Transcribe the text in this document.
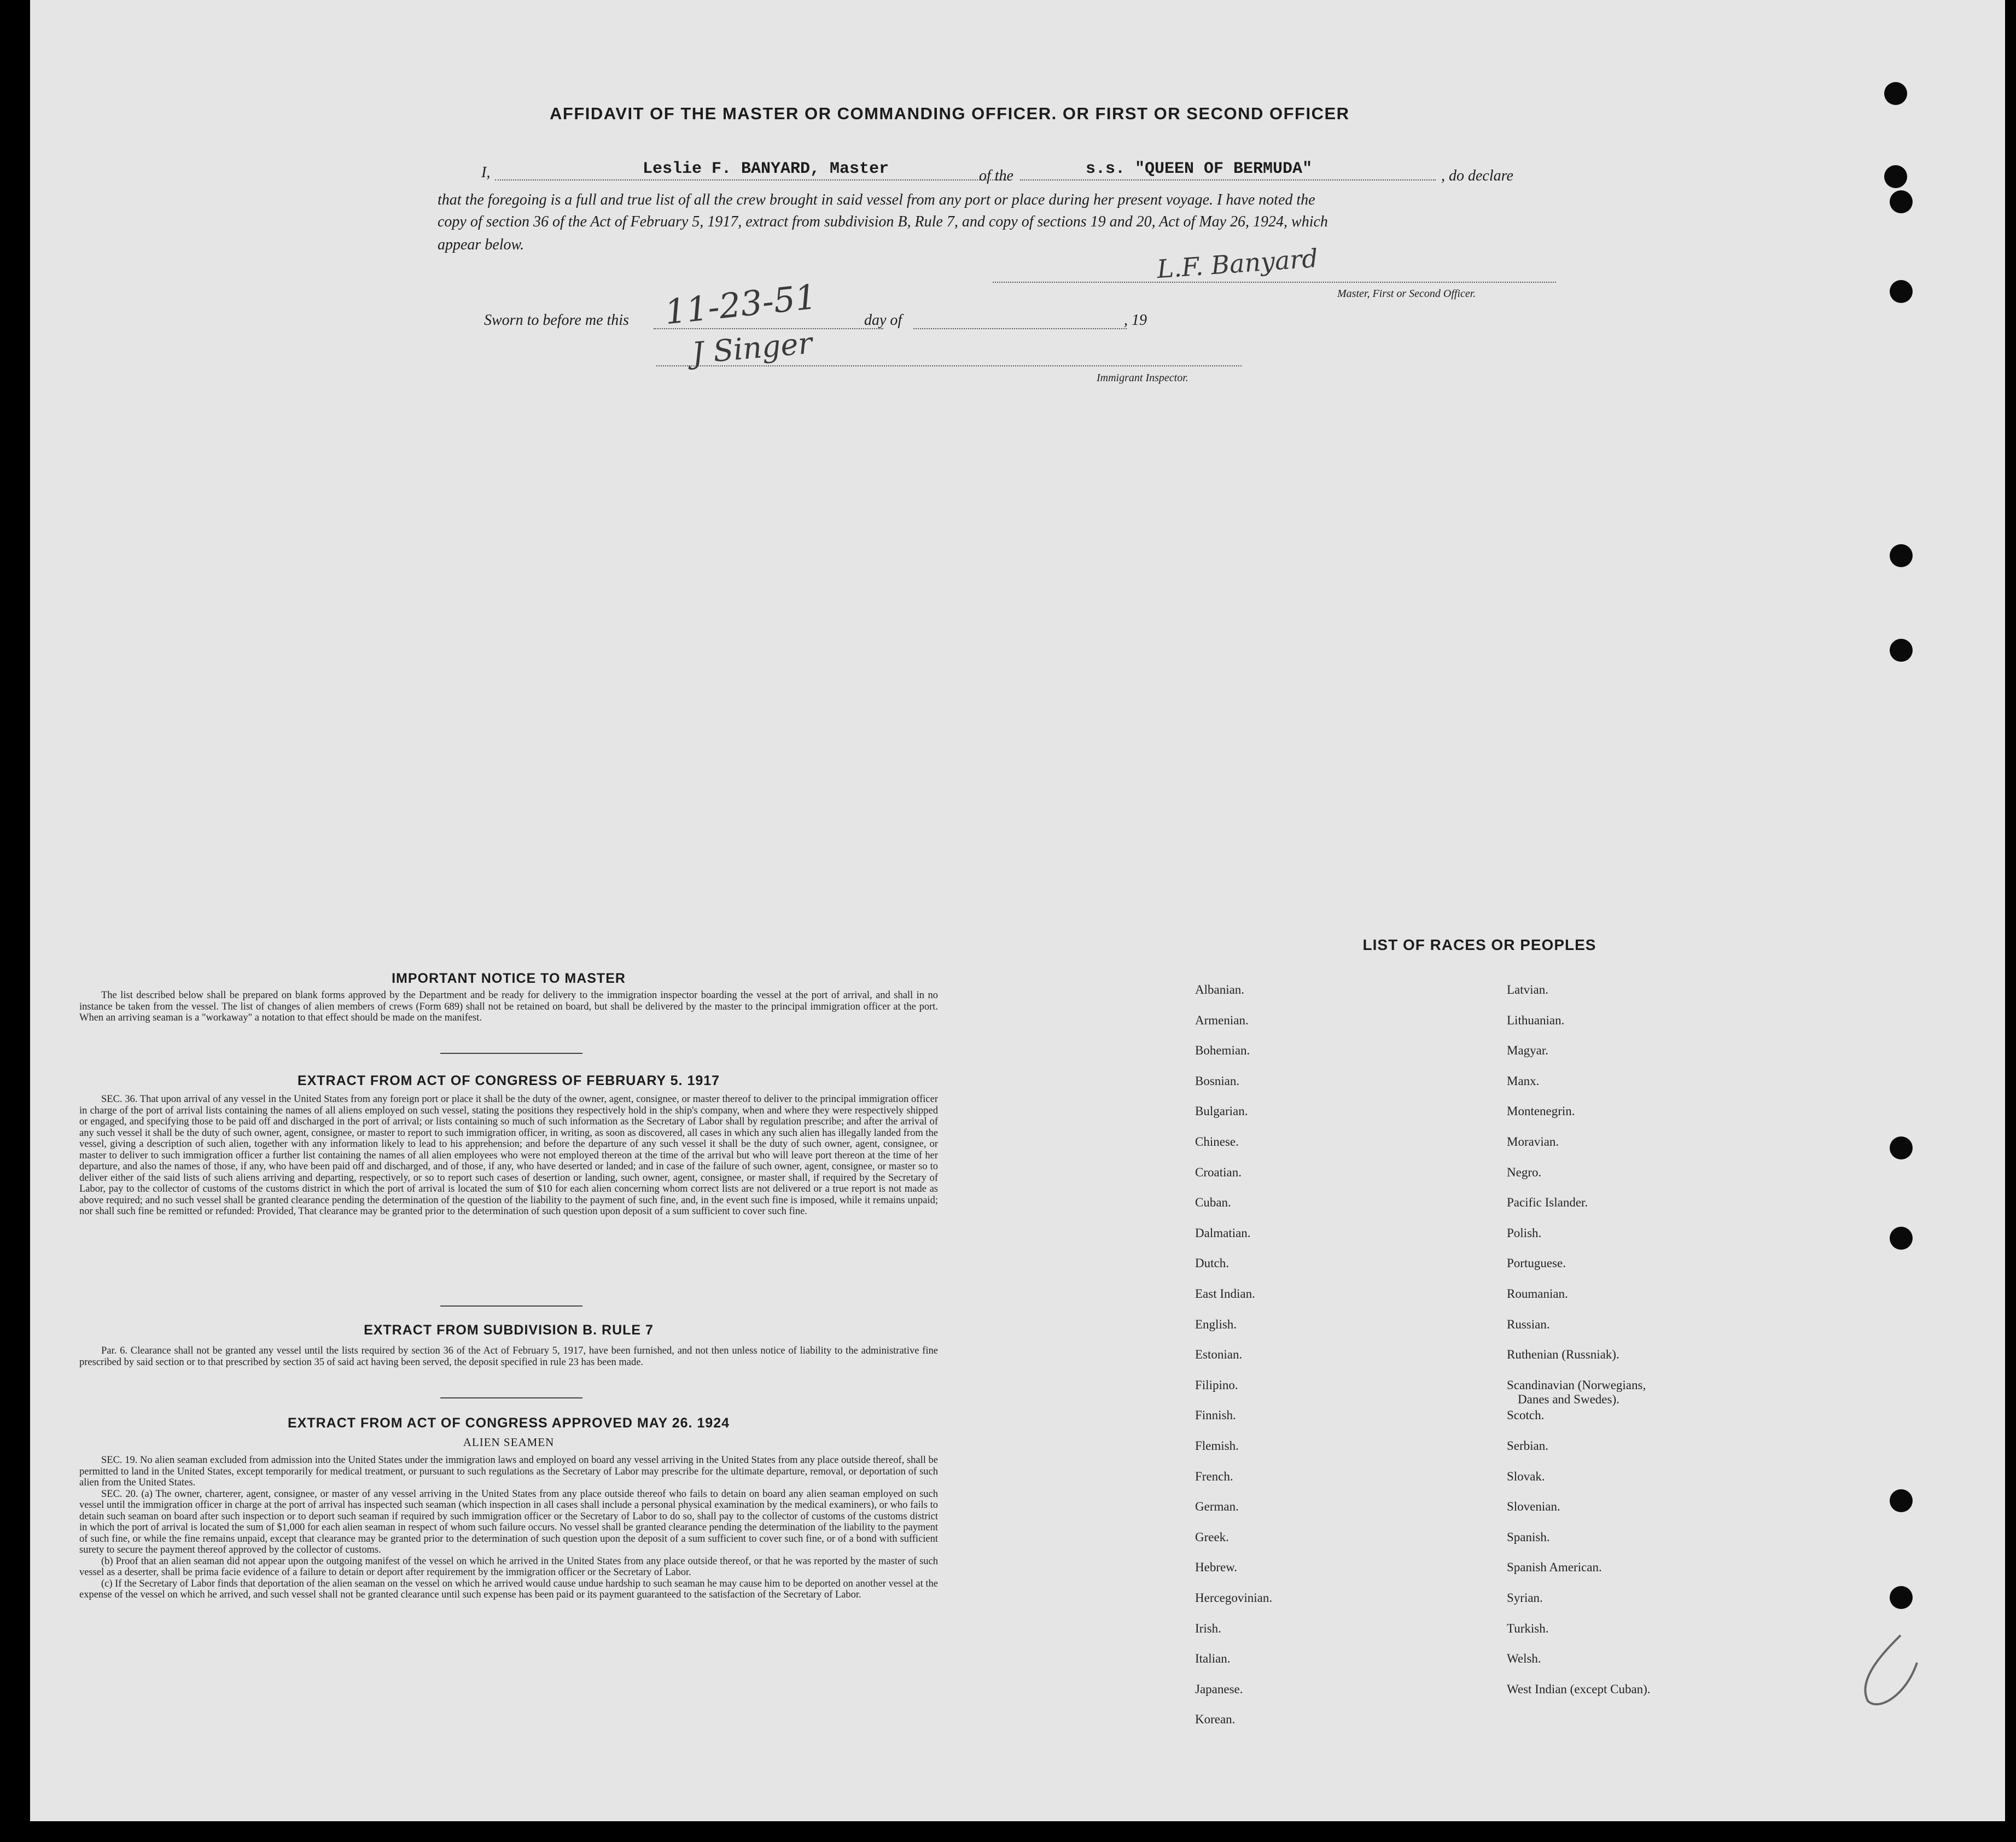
AFFIDAVIT OF THE MASTER OR COMMANDING OFFICER. OR FIRST OR SECOND OFFICER
I,	Leslie F. BANYARD, Master	of the	s.s. "QUEEN OF BERMUDA"	, do declare
that the foregoing is a full and true list of all the crew brought in said vessel from any port or place during her present voyage. I have noted the
copy of section 36 of the Act of February 5, 1917, extract from subdivision B, Rule 7, and copy of sections 19 and 20, Act of May 26, 1924, which
appear below.	L.F. Banyard
Master, First or Second Officer.
Sworn to before me this 11-23-51	day of	, 19
J Singer
Immigrant Inspector.
IMPORTANT NOTICE TO MASTER

The list described below shall be prepared on blank forms approved by the Department and be ready for delivery to the immigration inspector boarding the vessel at the port of arrival, and shall in no instance be taken from the vessel. The list of changes of alien members of crews (Form 689) shall not be retained on board, but shall be delivered by the master to the principal immigration officer at the port. When an arriving seaman is a "workaway" a notation to that effect should be made on the manifest.

EXTRACT FROM ACT OF CONGRESS OF FEBRUARY 5. 1917

SEC. 36. That upon arrival of any vessel in the United States from any foreign port or place it shall be the duty of the owner, agent, consignee, or master thereof to deliver to the principal immigration officer in charge of the port of arrival lists containing the names of all aliens employed on such vessel, stating the positions they respectively hold in the ship's company, when and where they were respectively shipped or engaged, and specifying those to be paid off and discharged in the port of arrival; or lists containing so much of such information as the Secretary of Labor shall by regulation prescribe; and after the arrival of any such vessel it shall be the duty of such owner, agent, consignee, or master to report to such immigration officer, in writing, as soon as discovered, all cases in which any such alien has illegally landed from the vessel, giving a description of such alien, together with any information likely to lead to his apprehension; and before the departure of any such vessel it shall be the duty of such owner, agent, consignee, or master to deliver to such immigration officer a further list containing the names of all alien employees who were not employed thereon at the time of the arrival but who will leave port thereon at the time of her departure, and also the names of those, if any, who have been paid off and discharged, and of those, if any, who have deserted or landed; and in case of the failure of such owner, agent, consignee, or master so to deliver either of the said lists of such aliens arriving and departing, respectively, or so to report such cases of desertion or landing, such owner, agent, consignee, or master shall, if required by the Secretary of Labor, pay to the collector of customs of the customs district in which the port of arrival is located the sum of $10 for each alien concerning whom correct lists are not delivered or a true report is not made as above required; and no such vessel shall be granted clearance pending the determination of the question of the liability to the payment of such fine, and, in the event such fine is imposed, while it remains unpaid; nor shall such fine be remitted or refunded: Provided, That clearance may be granted prior to the determination of such question upon deposit of a sum sufficient to cover such fine.

EXTRACT FROM SUBDIVISION B. RULE 7

Par. 6. Clearance shall not be granted any vessel until the lists required by section 36 of the Act of February 5, 1917, have been furnished, and not then unless notice of liability to the administrative fine prescribed by said section or to that prescribed by section 35 of said act having been served, the deposit specified in rule 23 has been made.

EXTRACT FROM ACT OF CONGRESS APPROVED MAY 26. 1924
ALIEN SEAMEN

SEC. 19. No alien seaman excluded from admission into the United States under the immigration laws and employed on board any vessel arriving in the United States from any place outside thereof, shall be permitted to land in the United States, except temporarily for medical treatment, or pursuant to such regulations as the Secretary of Labor may prescribe for the ultimate departure, removal, or deportation of such alien from the United States.

SEC. 20. (a) The owner, charterer, agent, consignee, or master of any vessel arriving in the United States from any place outside thereof who fails to detain on board any alien seaman employed on such vessel until the immigration officer in charge at the port of arrival has inspected such seaman (which inspection in all cases shall include a personal physical examination by the medical examiners), or who fails to detain such seaman on board after such inspection or to deport such seaman if required by such immigration officer or the Secretary of Labor to do so, shall pay to the collector of customs of the customs district in which the port of arrival is located the sum of $1,000 for each alien seaman in respect of whom such failure occurs. No vessel shall be granted clearance pending the determination of the liability to the payment of such fine, or while the fine remains unpaid, except that clearance may be granted prior to the determination of such question upon the deposit of a sum sufficient to cover such fine, or of a bond with sufficient surety to secure the payment thereof approved by the collector of customs.

(b) Proof that an alien seaman did not appear upon the outgoing manifest of the vessel on which he arrived in the United States from any place outside thereof, or that he was reported by the master of such vessel as a deserter, shall be prima facie evidence of a failure to detain or deport after requirement by the immigration officer or the Secretary of Labor.

(c) If the Secretary of Labor finds that deportation of the alien seaman on the vessel on which he arrived would cause undue hardship to such seaman he may cause him to be deported on another vessel at the expense of the vessel on which he arrived, and such vessel shall not be granted clearance until such expense has been paid or its payment guaranteed to the satisfaction of the Secretary of Labor.

LIST OF RACES OR PEOPLES
Albanian.
Armenian.
Bohemian.
Bosnian.
Bulgarian.
Chinese.
Croatian.
Cuban.
Dalmatian.
Dutch.
East Indian.
English.
Estonian.
Filipino.
Finnish.
Flemish.
French.
German.
Greek.
Hebrew.
Hercegovinian.
Irish.
Italian.
Japanese.
Korean.
Latvian.
Lithuanian.
Magyar.
Manx.
Montenegrin.
Moravian.
Negro.
Pacific Islander.
Polish.
Portuguese.
Roumanian.
Russian.
Ruthenian (Russniak).
Scandinavian (Norwegians,
Danes and Swedes).
Scotch.
Serbian.
Slovak.
Slovenian.
Spanish.
Spanish American.
Syrian.
Turkish.
Welsh.
West Indian (except Cuban).
